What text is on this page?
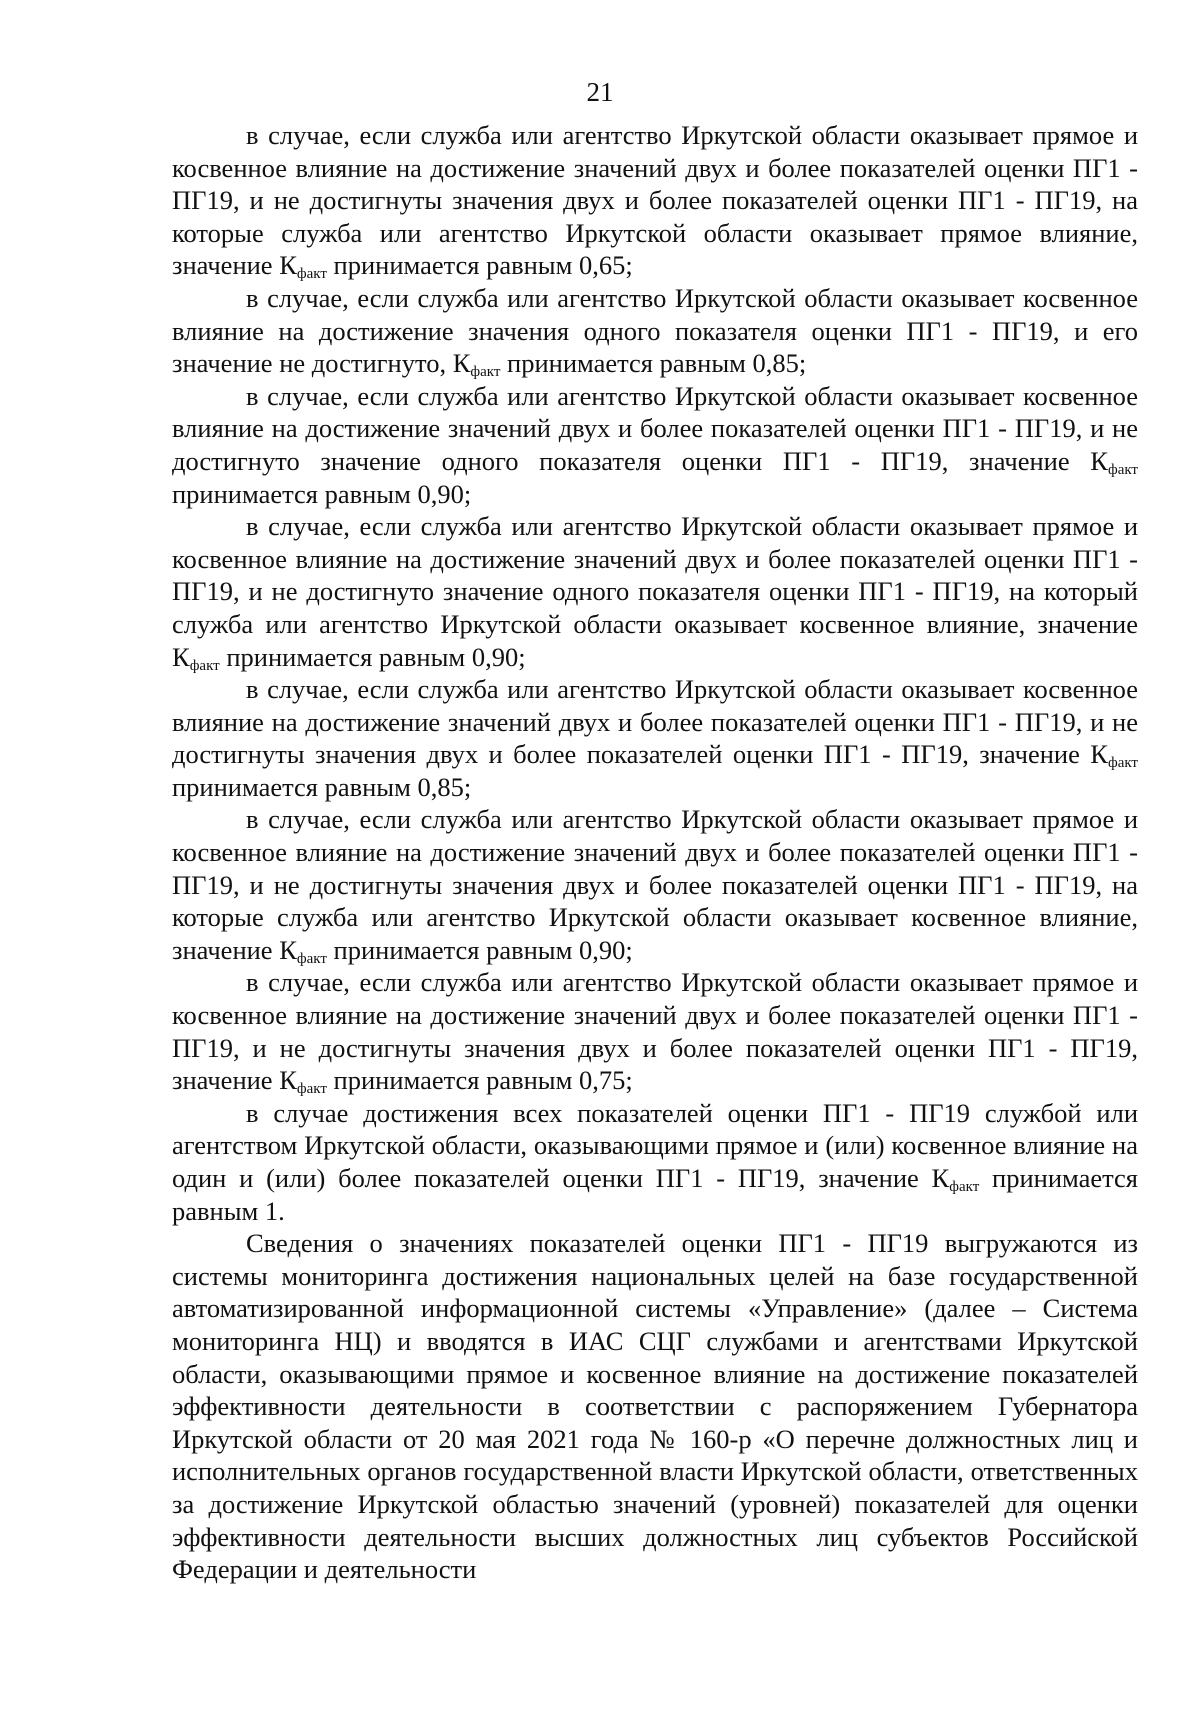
21

в случае, если служба или агентство Иркутской области оказывает прямое и косвенное влияние на достижение значений двух и более показателей оценки ПГ1 - ПГ19, и не достигнуты значения двух и более показателей оценки ПГ1 - ПГ19, на которые служба или агентство Иркутской области оказывает прямое влияние, значение $К_{факт}$ принимается равным 0,65;

в случае, если служба или агентство Иркутской области оказывает косвенное влияние на достижение значения одного показателя оценки ПГ1 - ПГ19, и его значение не достигнуто, $К_{факт}$ принимается равным 0,85;

в случае, если служба или агентство Иркутской области оказывает косвенное влияние на достижение значений двух и более показателей оценки ПГ1 - ПГ19, и не достигнуто значение одного показателя оценки ПГ1 - ПГ19, значение $К_{факт}$ принимается равным 0,90;

в случае, если служба или агентство Иркутской области оказывает прямое и косвенное влияние на достижение значений двух и более показателей оценки ПГ1 - ПГ19, и не достигнуто значение одного показателя оценки ПГ1 - ПГ19, на который служба или агентство Иркутской области оказывает косвенное влияние, значение $К_{факт}$ принимается равным 0,90;

в случае, если служба или агентство Иркутской области оказывает косвенное влияние на достижение значений двух и более показателей оценки ПГ1 - ПГ19, и не достигнуты значения двух и более показателей оценки ПГ1 - ПГ19, значение $К_{факт}$ принимается равным 0,85;

в случае, если служба или агентство Иркутской области оказывает прямое и косвенное влияние на достижение значений двух и более показателей оценки ПГ1 - ПГ19, и не достигнуты значения двух и более показателей оценки ПГ1 - ПГ19, на которые служба или агентство Иркутской области оказывает косвенное влияние, значение $К_{факт}$ принимается равным 0,90;

в случае, если служба или агентство Иркутской области оказывает прямое и косвенное влияние на достижение значений двух и более показателей оценки ПГ1 - ПГ19, и не достигнуты значения двух и более показателей оценки ПГ1 - ПГ19, значение $К_{факт}$ принимается равным 0,75;

в случае достижения всех показателей оценки ПГ1 - ПГ19 службой или агентством Иркутской области, оказывающими прямое и (или) косвенное влияние на один и (или) более показателей оценки ПГ1 - ПГ19, значение $К_{факт}$ принимается равным 1.

Сведения о значениях показателей оценки ПГ1 - ПГ19 выгружаются из системы мониторинга достижения национальных целей на базе государственной автоматизированной информационной системы «Управление» (далее – Система мониторинга НЦ) и вводятся в ИАС СЦГ службами и агентствами Иркутской области, оказывающими прямое и косвенное влияние на достижение показателей эффективности деятельности в соответствии с распоряжением Губернатора Иркутской области от 20 мая 2021 года № 160-р «О перечне должностных лиц и исполнительных органов государственной власти Иркутской области, ответственных за достижение Иркутской областью значений (уровней) показателей для оценки эффективности деятельности высших должностных лиц субъектов Российской Федерации и деятельности
